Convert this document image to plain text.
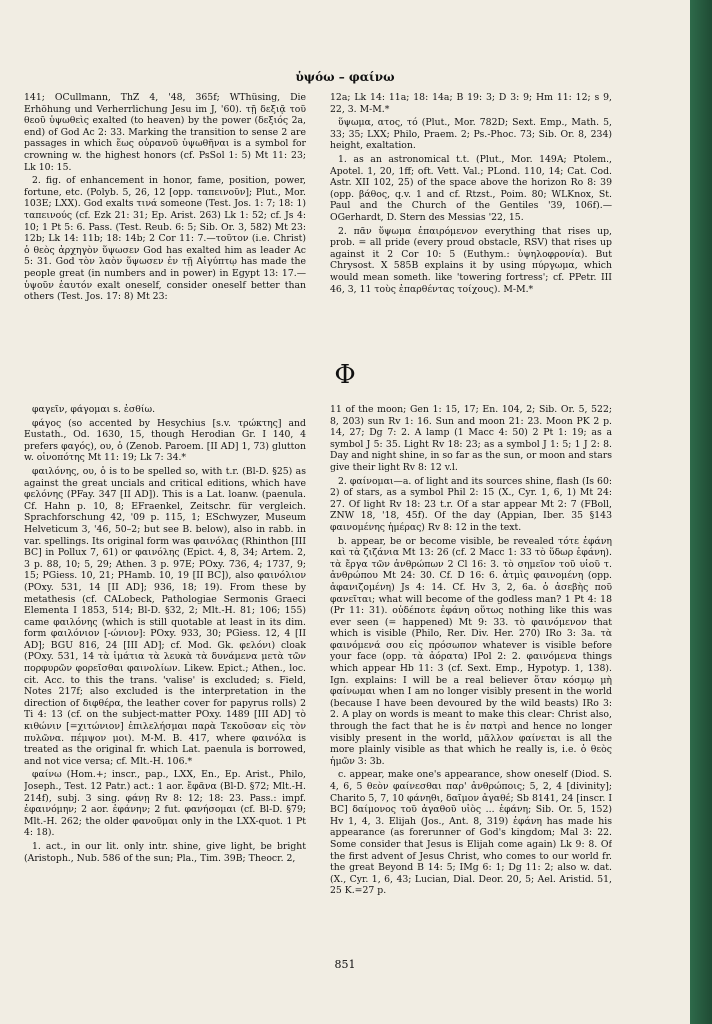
ὑψόω – φαίνω

141; OCullmann, ThZ 4, '48, 365f; WThüsing, Die Erhöhung und Verherrlichung Jesu im J, '60). τῇ δεξιᾷ τοῦ θεοῦ ὑψωθεὶς exalted (to heaven) by the power (δεξιός 2a, end) of God Ac 2: 33. Marking the transition to sense 2 are passages in which ἕως οὐρανοῦ ὑψωθῆναι is a symbol for crowning w. the highest honors (cf. PsSol 1: 5) Mt 11: 23; Lk 10: 15.

2. fig. of enhancement in honor, fame, position, power, fortune, etc. (Polyb. 5, 26, 12 [opp. ταπεινοῦν]; Plut., Mor. 103E; LXX). God exalts τινά someone (Test. Jos. 1: 7; 18: 1) ταπεινούς (cf. Ezk 21: 31; Ep. Arist. 263) Lk 1: 52; cf. Js 4: 10; 1 Pt 5: 6. Pass. (Test. Reub. 6: 5; Sib. Or. 3, 582) Mt 23: 12b; Lk 14: 11b; 18: 14b; 2 Cor 11: 7.—τοῦτον (i.e. Christ) ὁ θεὸς ἀρχηγὸν ὕψωσεν God has exalted him as leader Ac 5: 31. God τὸν λαὸν ὕψωσεν ἐν τῇ Αἰγύπτῳ has made the people great (in numbers and in power) in Egypt 13: 17.—ὑψοῦν ἑαυτόν exalt oneself, consider oneself better than others (Test. Jos. 17: 8) Mt 23:

12a; Lk 14: 11a; 18: 14a; B 19: 3; D 3: 9; Hm 11: 12; s 9, 22, 3. M-M.*

ὕψωμα, ατος, τό (Plut., Mor. 782D; Sext. Emp., Math. 5, 33; 35; LXX; Philo, Praem. 2; Ps.-Phoc. 73; Sib. Or. 8, 234) height, exaltation.

1. as an astronomical t.t. (Plut., Mor. 149A; Ptolem., Apotel. 1, 20, 1ff; oft. Vett. Val.; PLond. 110, 14; Cat. Cod. Astr. XII 102, 25) of the space above the horizon Ro 8: 39 (opp. βάθος, q.v. 1 and cf. Rtzst., Poim. 80; WLKnox, St. Paul and the Church of the Gentiles '39, 106f).—OGerhardt, D. Stern des Messias '22, 15.

2. πᾶν ὕψωμα ἐπαιρόμενον everything that rises up, prob. = all pride (every proud obstacle, RSV) that rises up against it 2 Cor 10: 5 (Euthym.: ὑψηλοφρονία). But Chrysost. X 585B explains it by using πύργωμα, which would mean someth. like 'towering fortress'; cf. PPetr. III 46, 3, 11 τοὺς ἐπαρθέντας τοίχους). M-M.*

Φ

φαγεῖν, φάγομαι s. ἐσθίω.

φάγος (so accented by Hesychius [s.v. τρώκτης] and Eustath., Od. 1630, 15, though Herodian Gr. I 140, 4 prefers φαγός), ου, ὁ (Zenob. Paroem. [II AD] 1, 73) glutton w. οἰνοπότης Mt 11: 19; Lk 7: 34.*

φαιλόνης, ου, ὁ is to be spelled so, with t.r. (Bl-D. §25) as against the great uncials and critical editions, which have φελόνης (PFay. 347 [II AD]). This is a Lat. loanw. (paenula. Cf. Hahn p. 10, 8; EFraenkel, Zeitschr. für vergleich. Sprachforschung 42, '09 p. 115, 1; ESchwyzer, Museum Helveticum 3, '46, 50–2; but see B. below), also in rabb. in var. spellings. Its original form was φαινόλας (Rhinthon [III BC] in Pollux 7, 61) or φαινόλης (Epict. 4, 8, 34; Artem. 2, 3 p. 88, 10; 5, 29; Athen. 3 p. 97E; POxy. 736, 4; 1737, 9; 15; PGiess. 10, 21; PHamb. 10, 19 [II BC]), also φαινόλιον (POxy. 531, 14 [II AD]; 936, 18; 19). From these by metathesis (cf. CALobeck, Pathologiae Sermonis Graeci Elementa I 1853, 514; Bl-D. §32, 2; Mlt.-H. 81; 106; 155) came φαιλόνης (which is still quotable at least in its dim. form φαιλόνιον [-ώνιον]: POxy. 933, 30; PGiess. 12, 4 [II AD]; BGU 816, 24 [III AD]; cf. Mod. Gk. φελόνι) cloak (POxy. 531, 14 τὰ ἱμάτια τὰ λευκὰ τὰ δυνάμενα μετὰ τῶν πορφυρῶν φορεῖσθαι φαινολίων. Likew. Epict.; Athen., loc. cit. Acc. to this the trans. 'valise' is excluded; s. Field, Notes 217f; also excluded is the interpretation in the direction of διφθέρα, the leather cover for papyrus rolls) 2 Ti 4: 13 (cf. on the subject-matter POxy. 1489 [III AD] τὸ κιθώνιν [=χιτώνιον] ἐπιλελήσμαι παρὰ Τεκοῦσαν εἰς τὸν πυλῶνα. πέμψον μοι). M-M. B. 417, where φαινόλα is treated as the original fr. which Lat. paenula is borrowed, and not vice versa; cf. Mlt.-H. 106.*

φαίνω (Hom.+; inscr., pap., LXX, En., Ep. Arist., Philo, Joseph., Test. 12 Patr.) act.: 1 aor. ἔφᾶνα (Bl-D. §72; Mlt.-H. 214f), subj. 3 sing. φάνῃ Rv 8: 12; 18: 23. Pass.: impf. ἐφαινόμην; 2 aor. ἐφάνην; 2 fut. φανήσομαι (cf. Bl-D. §79; Mlt.-H. 262; the older φανοῦμαι only in the LXX-quot. 1 Pt 4: 18).

1. act., in our lit. only intr. shine, give light, be bright (Aristoph., Nub. 586 of the sun; Pla., Tim. 39B; Theocr. 2,

11 of the moon; Gen 1: 15, 17; En. 104, 2; Sib. Or. 5, 522; 8, 203) sun Rv 1: 16. Sun and moon 21: 23. Moon PK 2 p. 14, 27; Dg 7: 2. A lamp (1 Macc 4: 50) 2 Pt 1: 19; as a symbol J 5: 35. Light Rv 18: 23; as a symbol J 1: 5; 1 J 2: 8. Day and night shine, in so far as the sun, or moon and stars give their light Rv 8: 12 v.l.

2. φαίνομαι—a. of light and its sources shine, flash (Is 60: 2) of stars, as a symbol Phil 2: 15 (X., Cyr. 1, 6, 1) Mt 24: 27. Of light Rv 18: 23 t.r. Of a star appear Mt 2: 7 (FBoll, ZNW 18, '18, 45f). Of the day (Appian, Iber. 35 §143 φαινομένης ἡμέρας) Rv 8: 12 in the text.

b. appear, be or become visible, be revealed τότε ἐφάνη καὶ τὰ ζιζάνια Mt 13: 26 (cf. 2 Macc 1: 33 τὸ ὕδωρ ἐφάνη). τὰ ἔργα τῶν ἀνθρώπων 2 Cl 16: 3. τὸ σημεῖον τοῦ υἱοῦ τ. ἀνθρώπου Mt 24: 30. Cf. D 16: 6. ἀτμὶς φαινομένη (opp. ἀφανιζομένη) Js 4: 14. Cf. Hv 3, 2, 6a. ὁ ἀσεβὴς ποῦ φανεῖται; what will become of the godless man? 1 Pt 4: 18 (Pr 11: 31). οὐδέποτε ἐφάνη οὕτως nothing like this was ever seen (= happened) Mt 9: 33. τὸ φαινόμενον that which is visible (Philo, Rer. Div. Her. 270) IRo 3: 3a. τὰ φαινόμενά σου εἰς πρόσωπον whatever is visible before your face (opp. τὰ ἀόρατα) IPol 2: 2. φαινόμενα things which appear Hb 11: 3 (cf. Sext. Emp., Hypotyp. 1, 138). Ign. explains: I will be a real believer ὅταν κόσμῳ μὴ φαίνωμαι when I am no longer visibly present in the world (because I have been devoured by the wild beasts) IRo 3: 2. A play on words is meant to make this clear: Christ also, through the fact that he is ἐν πατρὶ and hence no longer visibly present in the world, μᾶλλον φαίνεται is all the more plainly visible as that which he really is, i.e. ὁ θεὸς ἡμῶν 3: 3b.

c. appear, make one's appearance, show oneself (Diod. S. 4, 6, 5 θεὸν φαίνεσθαι παρ' ἀνθρώποις; 5, 2, 4 [divinity]; Charito 5, 7, 10 φάνηθι, δαῖμον ἀγαθέ; Sb 8141, 24 [inscr. I BC] δαίμονος τοῦ ἀγαθοῦ υἱὸς ... ἐφάνη; Sib. Or. 5, 152) Hv 1, 4, 3. Elijah (Jos., Ant. 8, 319) ἐφάνη has made his appearance (as forerunner of God's kingdom; Mal 3: 22. Some consider that Jesus is Elijah come again) Lk 9: 8. Of the first advent of Jesus Christ, who comes to our world fr. the great Beyond B 14: 5; IMg 6: 1; Dg 11: 2; also w. dat. (X., Cyr. 1, 6, 43; Lucian, Dial. Deor. 20, 5; Ael. Aristid. 51, 25 K.=27 p.

851
